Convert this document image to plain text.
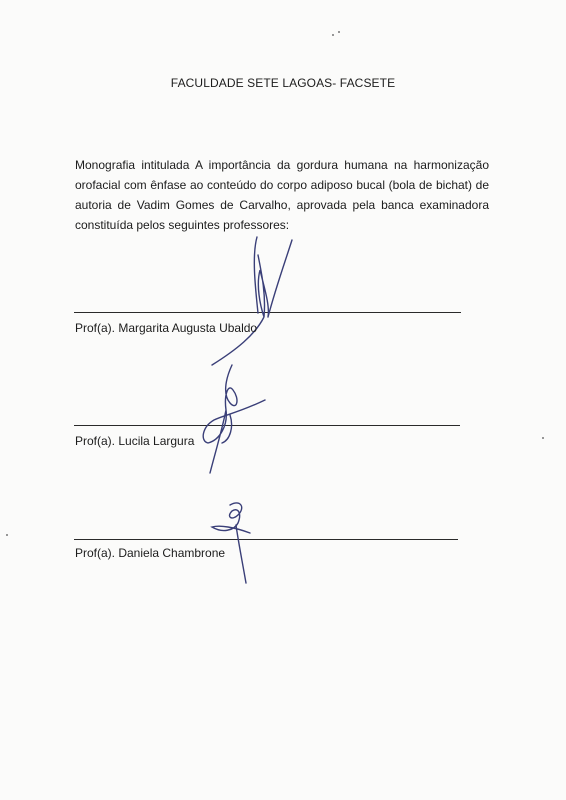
FACULDADE SETE LAGOAS- FACSETE
Monografia intitulada A importância da gordura humana na harmonização orofacial com ênfase ao conteúdo do corpo adiposo bucal (bola de bichat) de autoria de Vadim Gomes de Carvalho, aprovada pela banca examinadora constituída pelos seguintes professores:
Prof(a). Margarita Augusta Ubaldo
Prof(a). Lucila Largura
Prof(a). Daniela Chambrone
